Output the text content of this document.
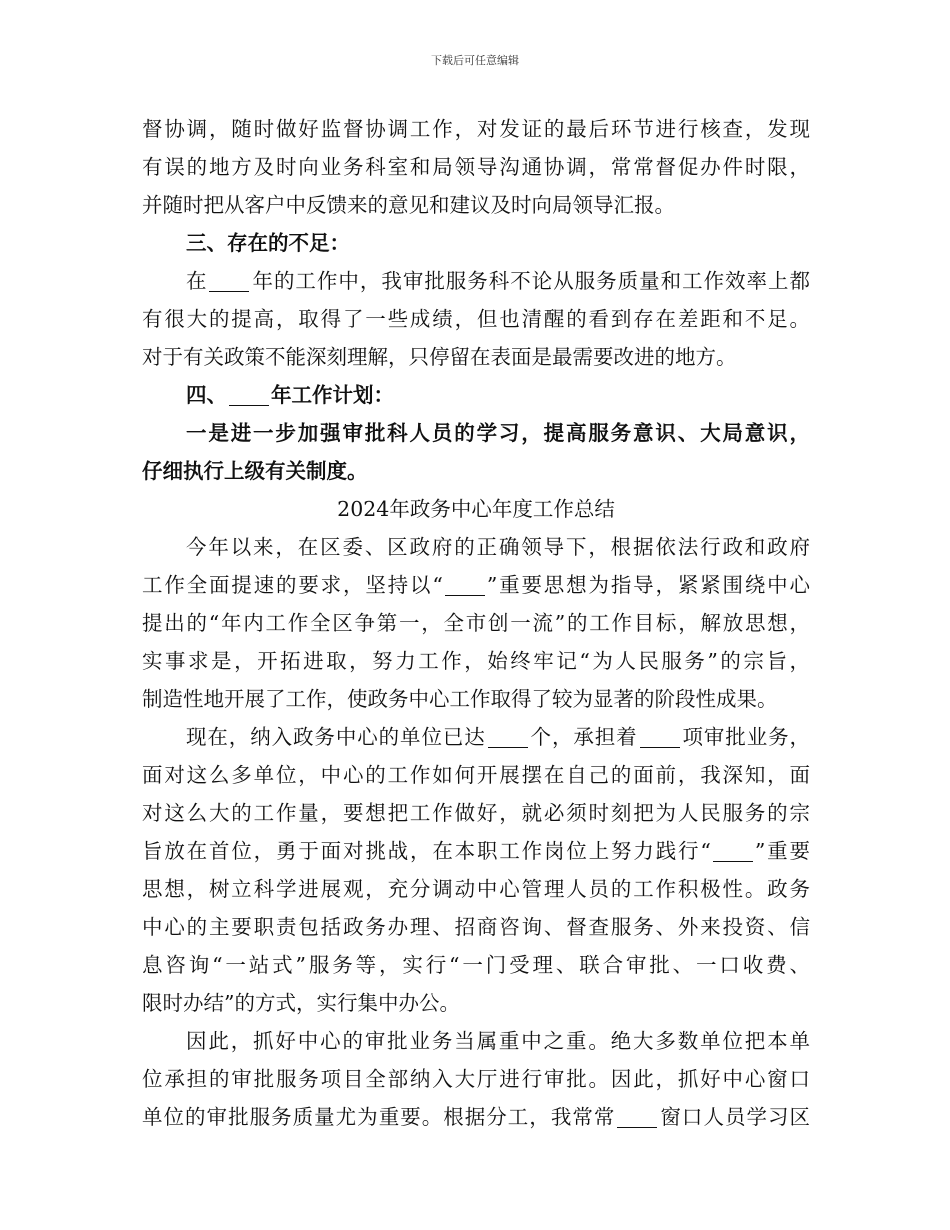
下载后可任意编辑
督协调，随时做好监督协调工作，对发证的最后环节进行核查，发现
有误的地方及时向业务科室和局领导沟通协调，常常督促办件时限，
并随时把从客户中反馈来的意见和建议及时向局领导汇报。
三、存在的不足：
在 年的工作中，我审批服务科不论从服务质量和工作效率上都
有很大的提高，取得了一些成绩，但也清醒的看到存在差距和不足。
对于有关政策不能深刻理解，只停留在表面是最需要改进的地方。
四、 年工作计划：
一是进一步加强审批科人员的学习，提高服务意识、大局意识，
仔细执行上级有关制度。
2024年政务中心年度工作总结
今年以来，在区委、区政府的正确领导下，根据依法行政和政府
工作全面提速的要求，坚持以“ ”重要思想为指导，紧紧围绕中心
提出的“年内工作全区争第一，全市创一流”的工作目标，解放思想，
实事求是，开拓进取，努力工作，始终牢记“为人民服务”的宗旨，
制造性地开展了工作，使政务中心工作取得了较为显著的阶段性成果。
现在，纳入政务中心的单位已达 个，承担着 项审批业务，
面对这么多单位，中心的工作如何开展摆在自己的面前，我深知，面
对这么大的工作量，要想把工作做好，就必须时刻把为人民服务的宗
旨放在首位，勇于面对挑战，在本职工作岗位上努力践行“ ”重要
思想，树立科学进展观，充分调动中心管理人员的工作积极性。政务
中心的主要职责包括政务办理、招商咨询、督查服务、外来投资、信
息咨询“一站式”服务等，实行“一门受理、联合审批、一口收费、
限时办结”的方式，实行集中办公。
因此，抓好中心的审批业务当属重中之重。绝大多数单位把本单
位承担的审批服务项目全部纳入大厅进行审批。因此，抓好中心窗口
单位的审批服务质量尤为重要。根据分工，我常常 窗口人员学习区
